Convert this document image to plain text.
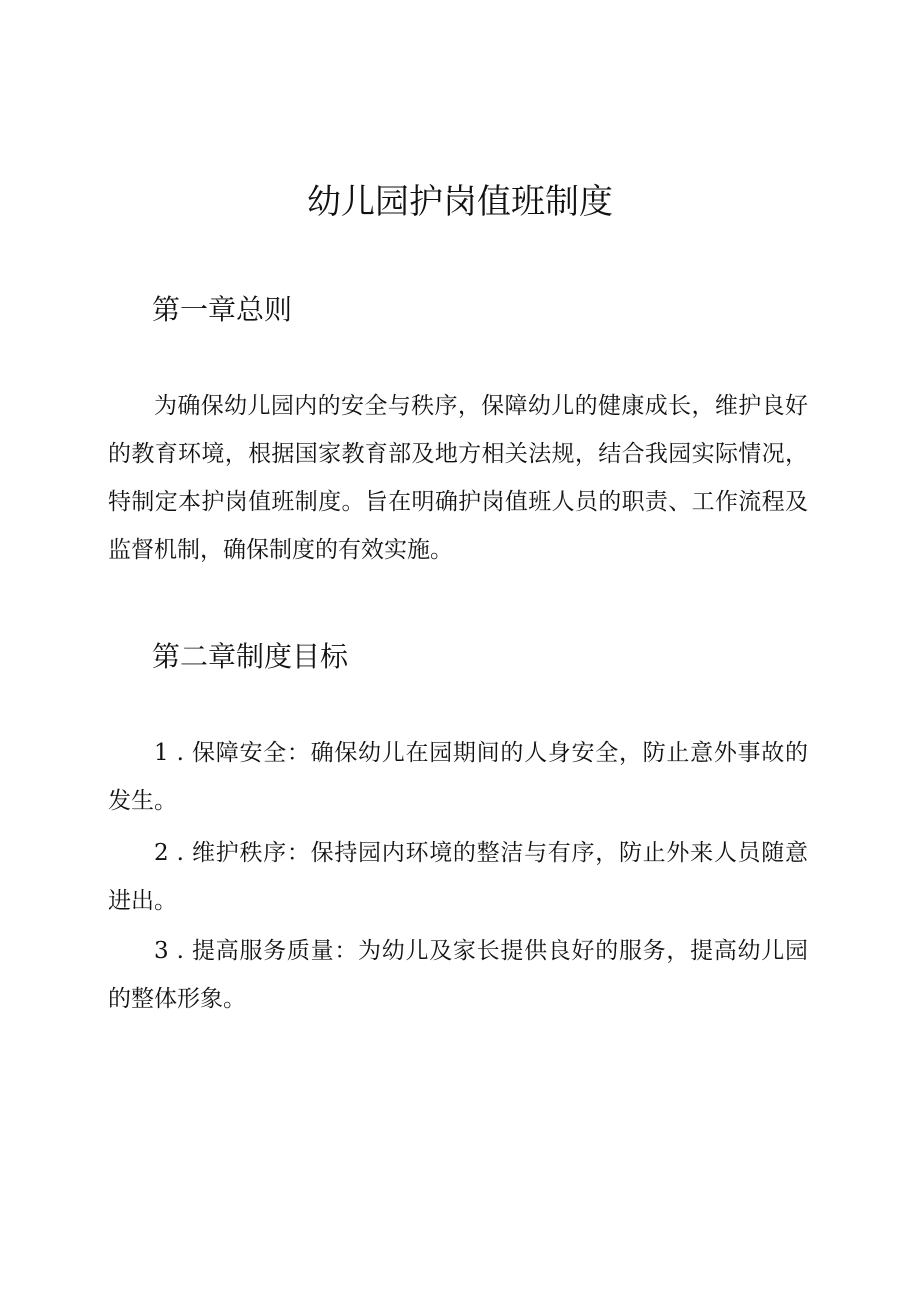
幼儿园护岗值班制度
第一章总则

为确保幼儿园内的安全与秩序，保障幼儿的健康成长，维护良好的教育环境，根据国家教育部及地方相关法规，结合我园实际情况，特制定本护岗值班制度。旨在明确护岗值班人员的职责、工作流程及监督机制，确保制度的有效实施。

第二章制度目标

1 . 保障安全：确保幼儿在园期间的人身安全，防止意外事故的发生。

2 . 维护秩序：保持园内环境的整洁与有序，防止外来人员随意进出。

3 . 提高服务质量：为幼儿及家长提供良好的服务，提高幼儿园的整体形象。
